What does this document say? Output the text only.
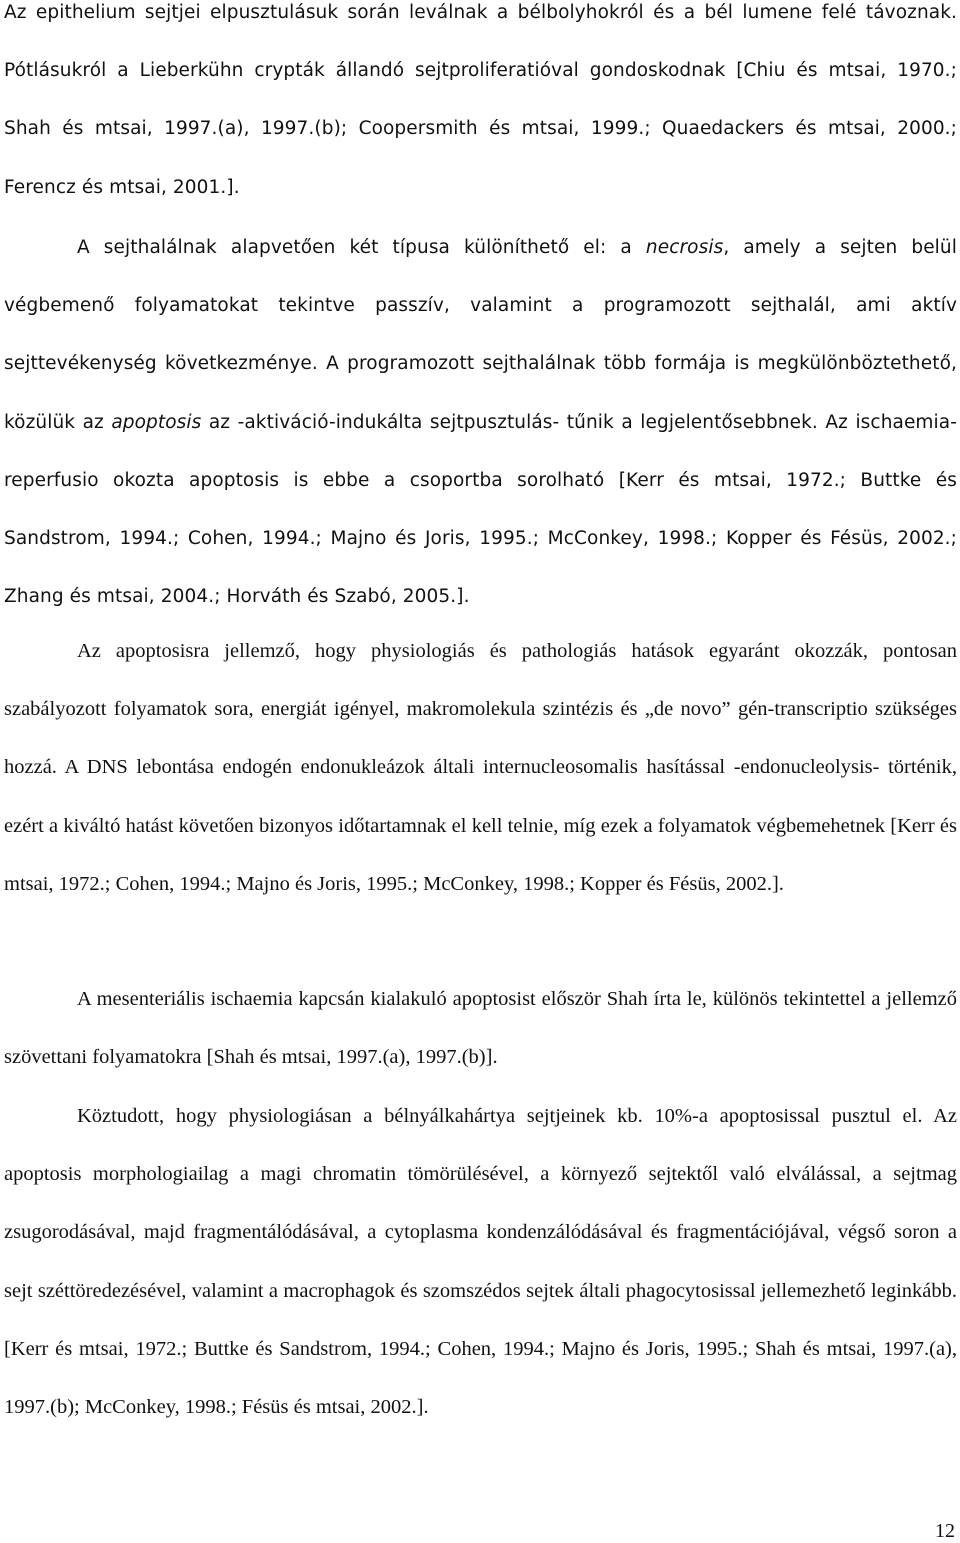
Az epithelium sejtjei elpusztulásuk során leválnak a bélbolyhokról és a bél lumene felé távoznak. Pótlásukról a Lieberkühn crypták állandó sejtproliferatióval gondoskodnak [Chiu és mtsai, 1970.; Shah és mtsai, 1997.(a), 1997.(b); Coopersmith és mtsai, 1999.; Quaedackers és mtsai, 2000.; Ferencz és mtsai, 2001.].

A sejthalálnak alapvetően két típusa különíthető el: a necrosis, amely a sejten belül végbemenő folyamatokat tekintve passzív, valamint a programozott sejthalál, ami aktív sejttevékenység következménye. A programozott sejthalálnak több formája is megkülönböztethető, közülük az apoptosis az -aktiváció-indukálta sejtpusztulás- tűnik a legjelentősebbnek. Az ischaemia-reperfusio okozta apoptosis is ebbe a csoportba sorolható [Kerr és mtsai, 1972.; Buttke és Sandstrom, 1994.; Cohen, 1994.; Majno és Joris, 1995.; McConkey, 1998.; Kopper és Fésüs, 2002.; Zhang és mtsai, 2004.; Horváth és Szabó, 2005.].

Az apoptosisra jellemző, hogy physiologiás és pathologiás hatások egyaránt okozzák, pontosan szabályozott folyamatok sora, energiát igényel, makromolekula szintézis és „de novo” gén-transcriptio szükséges hozzá. A DNS lebontása endogén endonukleázok általi internucleosomalis hasítással -endonucleolysis- történik, ezért a kiváltó hatást követően bizonyos időtartamnak el kell telnie, míg ezek a folyamatok végbemehetnek [Kerr és mtsai, 1972.; Cohen, 1994.; Majno és Joris, 1995.; McConkey, 1998.; Kopper és Fésüs, 2002.].

A mesenteriális ischaemia kapcsán kialakuló apoptosist először Shah írta le, különös tekintettel a jellemző szövettani folyamatokra [Shah és mtsai, 1997.(a), 1997.(b)].

Köztudott, hogy physiologiásan a bélnyálkahártya sejtjeinek kb. 10%-a apoptosissal pusztul el. Az apoptosis morphologiailag a magi chromatin tömörülésével, a környező sejtektől való elválással, a sejtmag zsugorodásával, majd fragmentálódásával, a cytoplasma kondenzálódásával és fragmentációjával, végső soron a sejt széttöredezésével, valamint a macrophagok és szomszédos sejtek általi phagocytosissal jellemezhető leginkább. [Kerr és mtsai, 1972.; Buttke és Sandstrom, 1994.; Cohen, 1994.; Majno és Joris, 1995.; Shah és mtsai, 1997.(a), 1997.(b); McConkey, 1998.; Fésüs és mtsai, 2002.].

12
